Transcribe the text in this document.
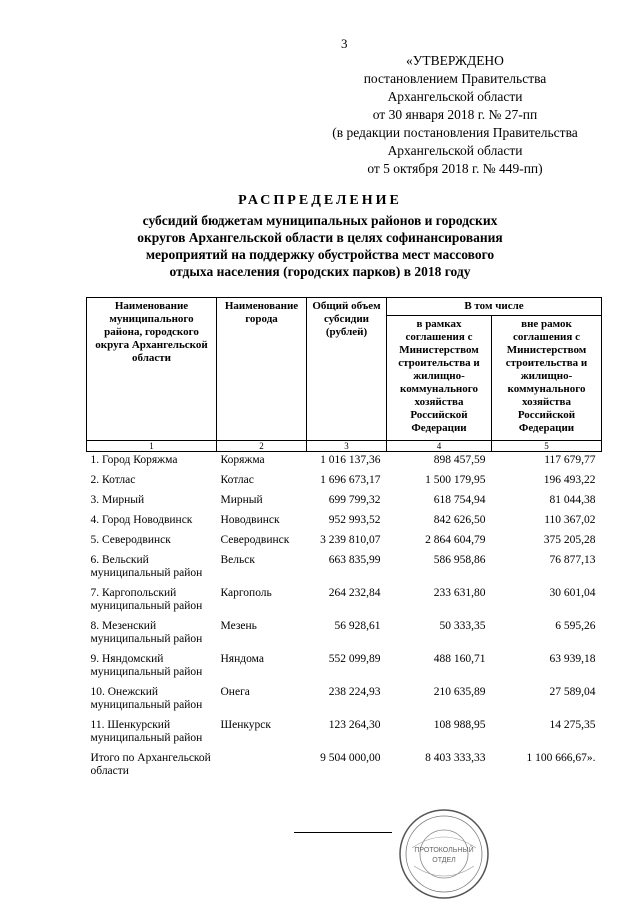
3
«УТВЕРЖДЕНО
постановлением Правительства
Архангельской области
от 30 января 2018 г. № 27-пп
(в редакции постановления Правительства
Архангельской области
от 5 октября 2018 г. № 449-пп)
РАСПРЕДЕЛЕНИЕ
субсидий бюджетам муниципальных районов и городских
округов Архангельской области в целях софинансирования
мероприятий на поддержку обустройства мест массового
отдыха населения (городских парков) в 2018 году
Наименование муниципального района, городского округа Архангельской области	Наименование города	Общий объем субсидии (рублей)	В том числе	
			в рамках соглашения с Министерством строительства и жилищно-коммунального хозяйства Российской Федерации	вне рамок соглашения с Министерством строительства и жилищно-коммунального хозяйства Российской Федерации
1	2	3	4	5
1. Город Коряжма	Коряжма	1 016 137,36	898 457,59	117 679,77
2. Котлас	Котлас	1 696 673,17	1 500 179,95	196 493,22
3. Мирный	Мирный	699 799,32	618 754,94	81 044,38
4. Город Новодвинск	Новодвинск	952 993,52	842 626,50	110 367,02
5. Северодвинск	Северодвинск	3 239 810,07	2 864 604,79	375 205,28
6. Вельский муниципальный район	Вельск	663 835,99	586 958,86	76 877,13
7. Каргопольский муниципальный район	Каргополь	264 232,84	233 631,80	30 601,04
8. Мезенский муниципальный район	Мезень	56 928,61	50 333,35	6 595,26
9. Няндомский муниципальный район	Няндома	552 099,89	488 160,71	63 939,18
10. Онежский муниципальный район	Онега	238 224,93	210 635,89	27 589,04
11. Шенкурский муниципальный район	Шенкурск	123 264,30	108 988,95	14 275,35
Итого по Архангельской области		9 504 000,00	8 403 333,33	1 100 666,67».
ПРОТОКОЛЬНЫЙ
ОТДЕЛ
